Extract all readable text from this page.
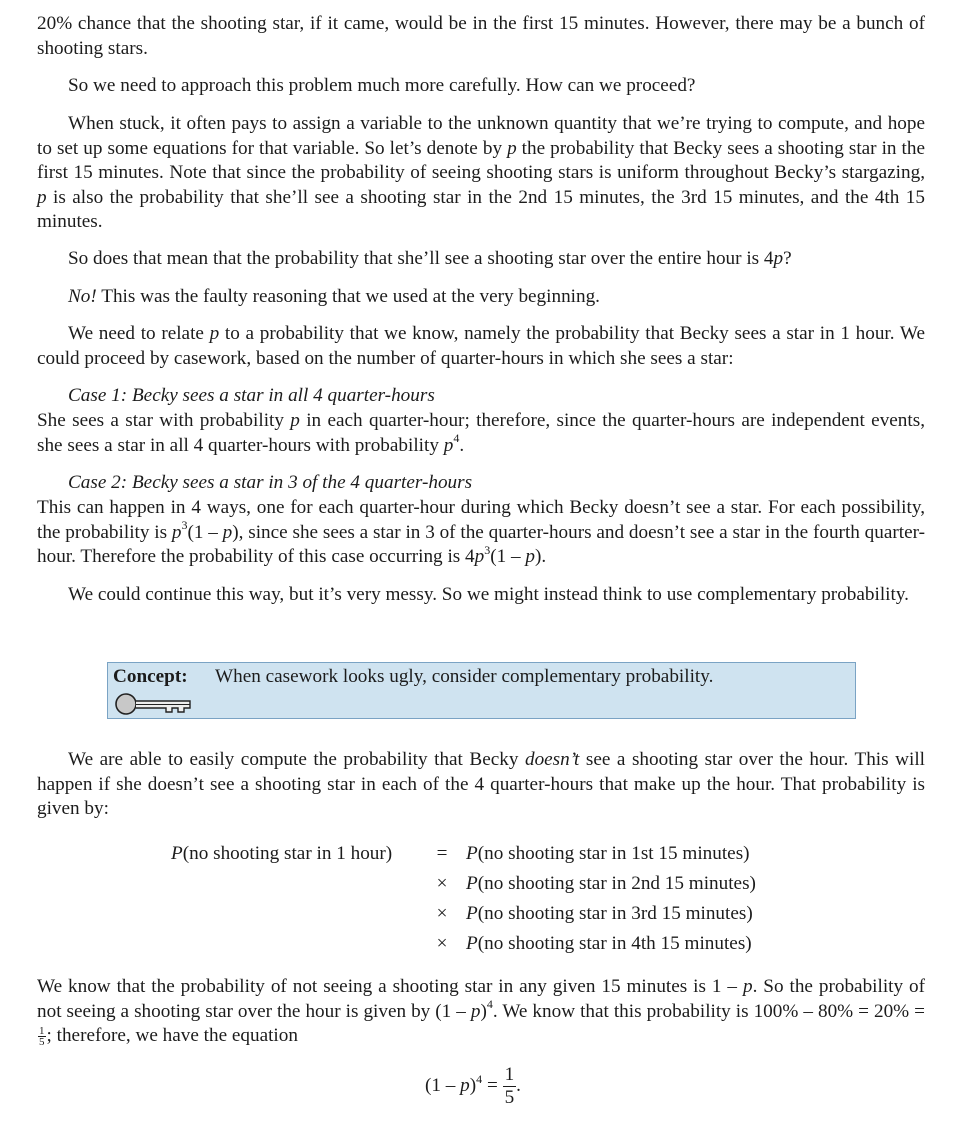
20% chance that the shooting star, if it came, would be in the first 15 minutes. However, there may be a bunch of shooting stars.

So we need to approach this problem much more carefully. How can we proceed?

When stuck, it often pays to assign a variable to the unknown quantity that we’re trying to compute, and hope to set up some equations for that variable. So let’s denote by p the probability that Becky sees a shooting star in the first 15 minutes. Note that since the probability of seeing shooting stars is uniform throughout Becky’s stargazing, p is also the probability that she’ll see a shooting star in the 2nd 15 minutes, the 3rd 15 minutes, and the 4th 15 minutes.

So does that mean that the probability that she’ll see a shooting star over the entire hour is 4p?

No! This was the faulty reasoning that we used at the very beginning.

We need to relate p to a probability that we know, namely the probability that Becky sees a star in 1 hour. We could proceed by casework, based on the number of quarter-hours in which she sees a star:

Case 1: Becky sees a star in all 4 quarter-hours

She sees a star with probability p in each quarter-hour; therefore, since the quarter-hours are independent events, she sees a star in all 4 quarter-hours with probability $p^4$.

Case 2: Becky sees a star in 3 of the 4 quarter-hours

This can happen in 4 ways, one for each quarter-hour during which Becky doesn’t see a star. For each possibility, the probability is $p^3(1 - p)$, since she sees a star in 3 of the quarter-hours and doesn’t see a star in the fourth quarter-hour. Therefore the probability of this case occurring is $4p^3(1 - p)$.

We could continue this way, but it’s very messy. So we might instead think to use complementary probability.

Concept: When casework looks ugly, consider complementary probability.

We are able to easily compute the probability that Becky doesn’t see a shooting star over the hour. This will happen if she doesn’t see a shooting star in each of the 4 quarter-hours that make up the hour. That probability is given by:

P(no shooting star in 1 hour) = P(no shooting star in 1st 15 minutes)
× P(no shooting star in 2nd 15 minutes)
× P(no shooting star in 3rd 15 minutes)
× P(no shooting star in 4th 15 minutes)

We know that the probability of not seeing a shooting star in any given 15 minutes is 1 – p. So the probability of not seeing a shooting star over the hour is given by (1 – p)$^4$. We know that this probability is 100% – 80% = 20% =
$\frac{1}{5}$ ; therefore, we have the equation

$(1 - p)^4 = \frac{1}{5}$ .
